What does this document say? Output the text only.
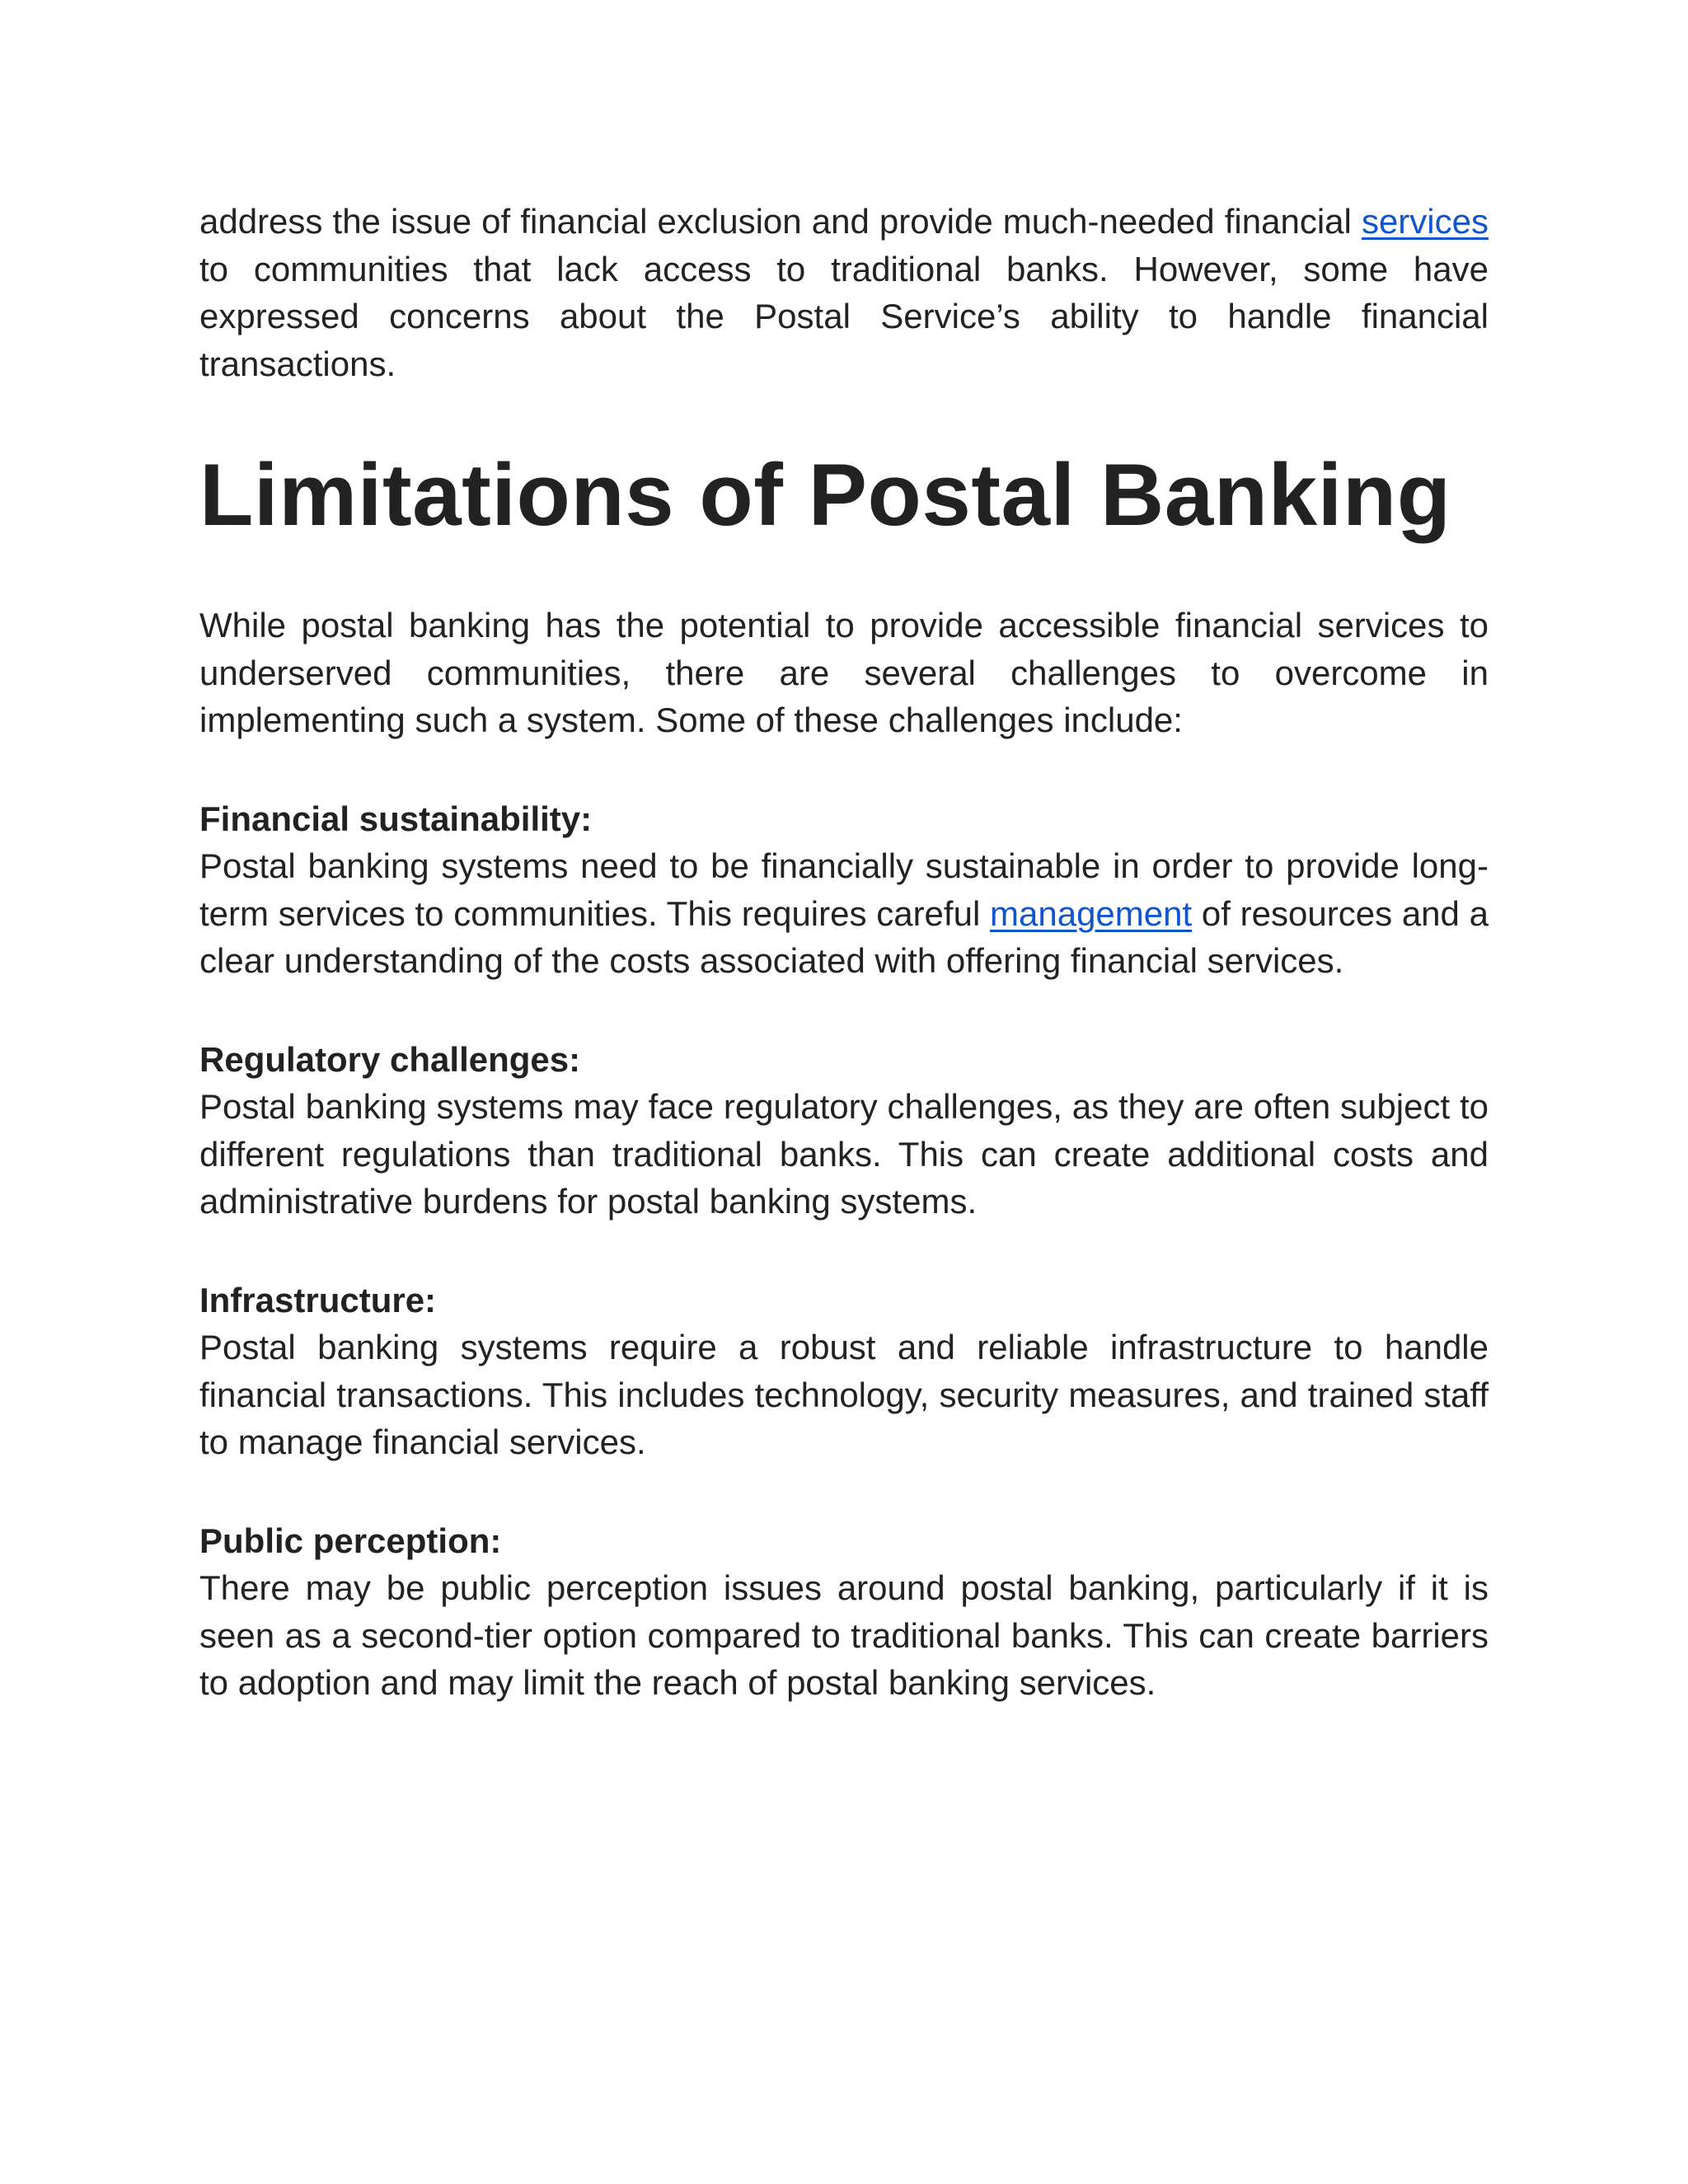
address the issue of financial exclusion and provide much-needed financial services to communities that lack access to traditional banks. However, some have expressed concerns about the Postal Service’s ability to handle financial transactions.

Limitations of Postal Banking

While postal banking has the potential to provide accessible financial services to underserved communities, there are several challenges to overcome in implementing such a system. Some of these challenges include:

Financial sustainability:

Postal banking systems need to be financially sustainable in order to provide long-term services to communities. This requires careful management of resources and a clear understanding of the costs associated with offering financial services.

Regulatory challenges:

Postal banking systems may face regulatory challenges, as they are often subject to different regulations than traditional banks. This can create additional costs and administrative burdens for postal banking systems.

Infrastructure:

Postal banking systems require a robust and reliable infrastructure to handle financial transactions. This includes technology, security measures, and trained staff to manage financial services.

Public perception:

There may be public perception issues around postal banking, particularly if it is seen as a second-tier option compared to traditional banks. This can create barriers to adoption and may limit the reach of postal banking services.
